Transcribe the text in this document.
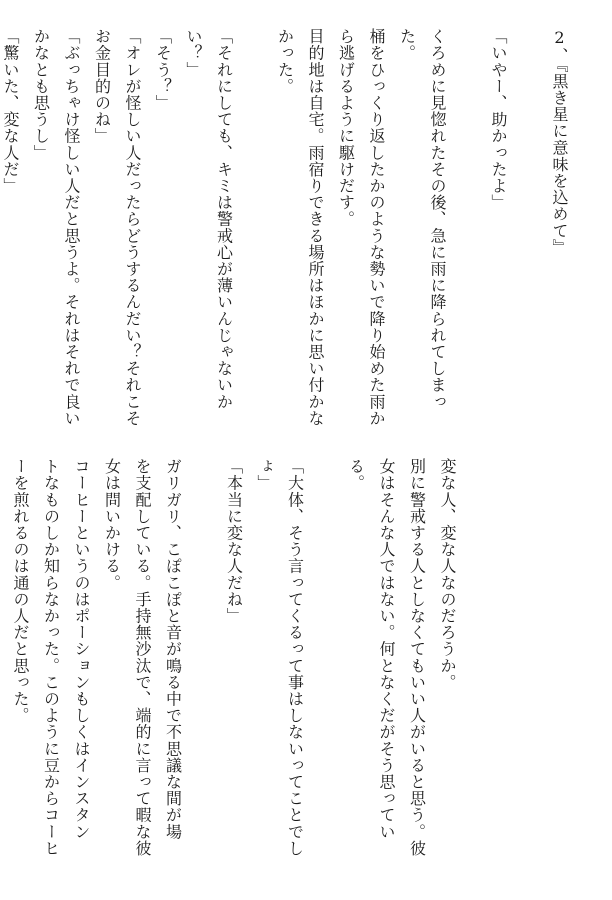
2、『黒き星に意味を込めて』
「いやー、助かったよ」
くろめに見惚れたその後、急に雨に降られてしまっ
た。
桶をひっくり返したかのような勢いで降り始めた雨か
ら逃げるように駆けだす。
目的地は自宅。雨宿りできる場所はほかに思い付かな
かった。
「それにしても、キミは警戒心が薄いんじゃないか
い？」
「そう？」
「オレが怪しい人だったらどうするんだい？それこそ
お金目的のね」
「ぶっちゃけ怪しい人だと思うよ。それはそれで良い
かなとも思うし」
「驚いた、変な人だ」
変な人、変な人なのだろうか。
別に警戒する人としなくてもいい人がいると思う。彼
女はそんな人ではない。何となくだがそう思ってい
る。
「大体、そう言ってくるって事はしないってことでし
ょ」
「本当に変な人だね」
ガリガリ、こぽこぽと音が鳴る中で不思議な間が場
を支配している。手持無沙汰で、端的に言って暇な彼
女は問いかける。
コーヒーというのはポーションもしくはインスタン
トなものしか知らなかった。このように豆からコーヒ
ーを煎れるのは通の人だと思った。
